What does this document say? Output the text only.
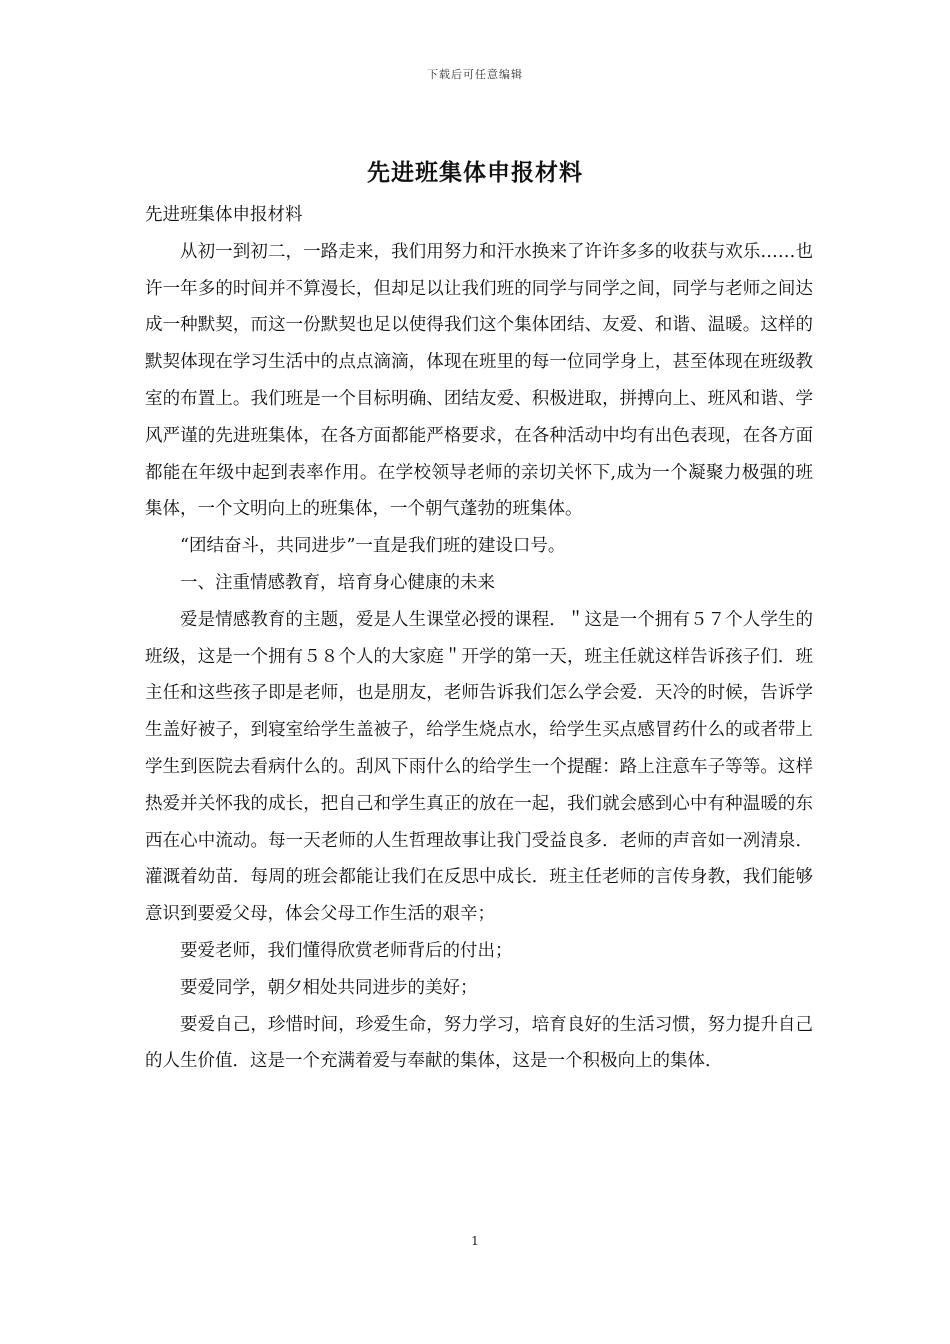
下载后可任意编辑
先进班集体申报材料

先进班集体申报材料

从初一到初二，一路走来，我们用努力和汗水换来了许许多多的收获与欢乐……也许一年多的时间并不算漫长，但却足以让我们班的同学与同学之间，同学与老师之间达成一种默契，而这一份默契也足以使得我们这个集体团结、友爱、和谐、温暖。这样的默契体现在学习生活中的点点滴滴，体现在班里的每一位同学身上，甚至体现在班级教室的布置上。我们班是一个目标明确、团结友爱、积极进取，拼搏向上、班风和谐、学风严谨的先进班集体，在各方面都能严格要求，在各种活动中均有出色表现，在各方面都能在年级中起到表率作用。在学校领导老师的亲切关怀下,成为一个凝聚力极强的班集体，一个文明向上的班集体，一个朝气蓬勃的班集体。

“团结奋斗，共同进步”一直是我们班的建设口号。

一、注重情感教育，培育身心健康的未来

爱是情感教育的主题，爱是人生课堂必授的课程．＂这是一个拥有５７个人学生的班级，这是一个拥有５８个人的大家庭＂开学的第一天，班主任就这样告诉孩子们．班主任和这些孩子即是老师，也是朋友，老师告诉我们怎么学会爱．天冷的时候，告诉学生盖好被子，到寝室给学生盖被子，给学生烧点水，给学生买点感冒药什么的或者带上学生到医院去看病什么的。刮风下雨什么的给学生一个提醒：路上注意车子等等。这样热爱并关怀我的成长，把自己和学生真正的放在一起，我们就会感到心中有种温暖的东西在心中流动。每一天老师的人生哲理故事让我门受益良多．老师的声音如一冽清泉．灌溉着幼苗．每周的班会都能让我们在反思中成长．班主任老师的言传身教，我们能够意识到要爱父母，体会父母工作生活的艰辛；

要爱老师，我们懂得欣赏老师背后的付出；

要爱同学，朝夕相处共同进步的美好；

要爱自己，珍惜时间，珍爱生命，努力学习，培育良好的生活习惯，努力提升自己的人生价值．这是一个充满着爱与奉献的集体，这是一个积极向上的集体．

1
